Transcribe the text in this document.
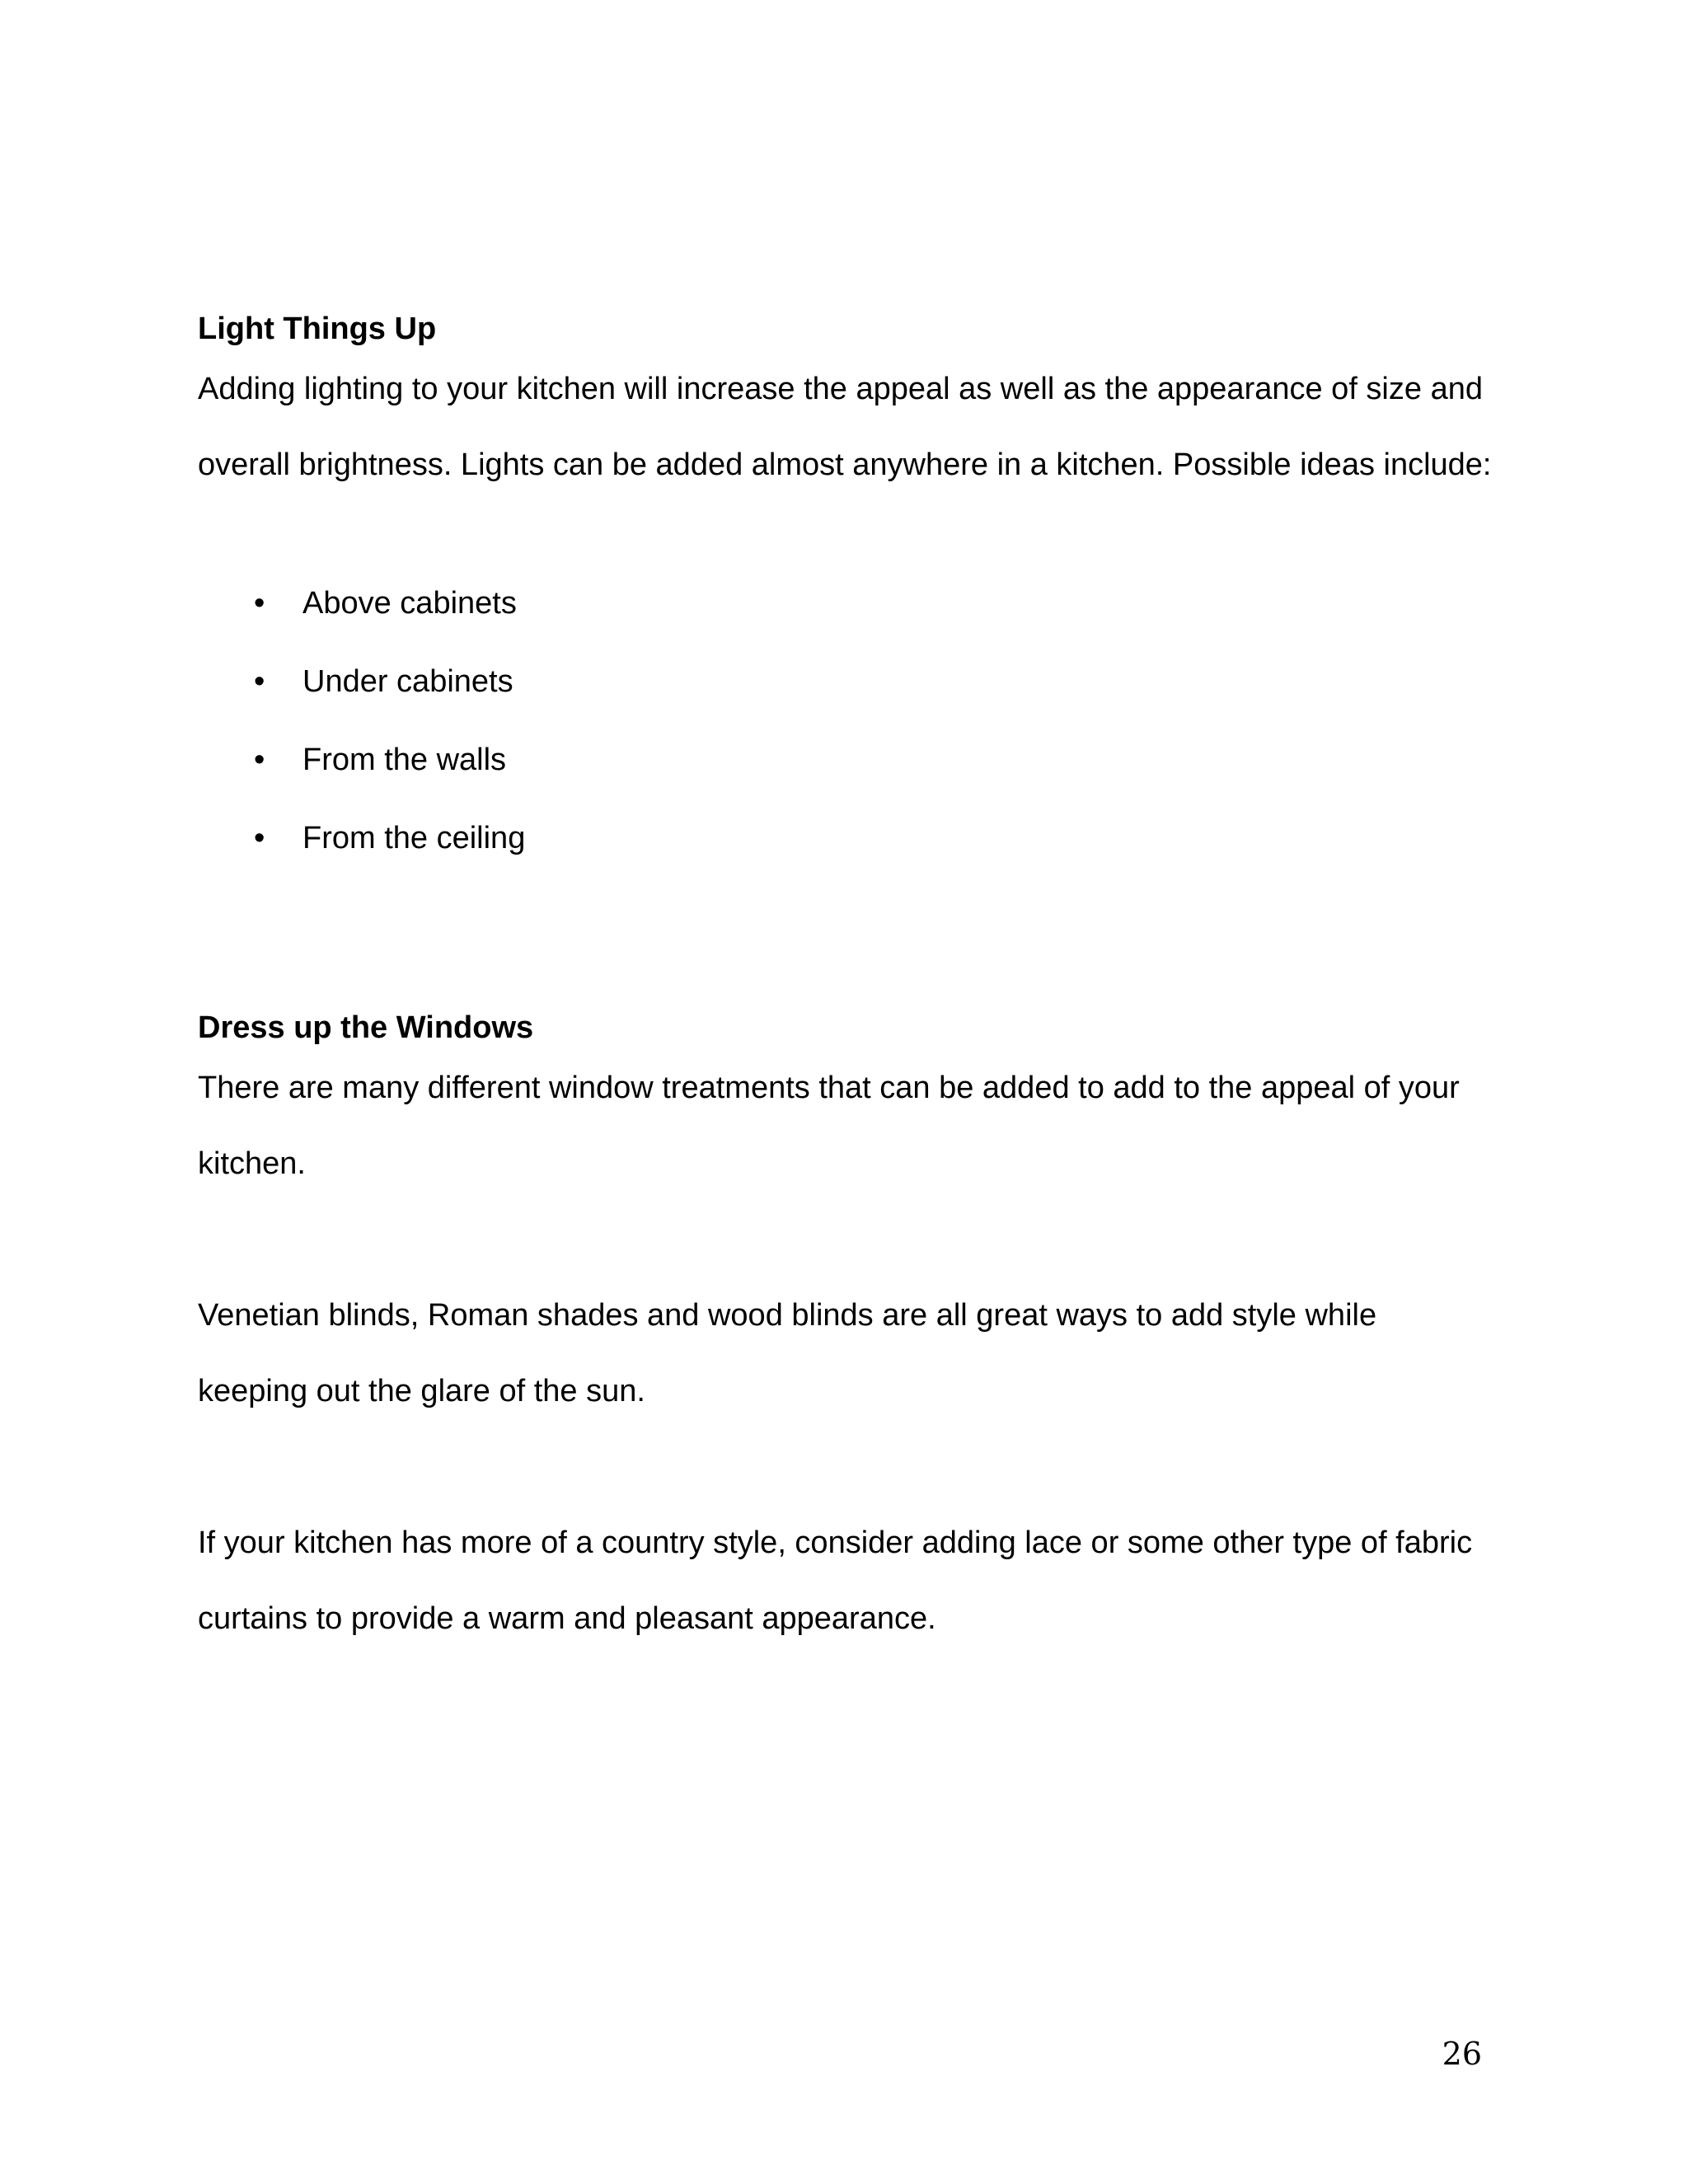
Light Things Up

Adding lighting to your kitchen will increase the appeal as well as the appearance of size and overall brightness. Lights can be added almost anywhere in a kitchen. Possible ideas include:

• Above cabinets
• Under cabinets
• From the walls
• From the ceiling
Dress up the Windows

There are many different window treatments that can be added to add to the appeal of your kitchen.

Venetian blinds, Roman shades and wood blinds are all great ways to add style while keeping out the glare of the sun.

If your kitchen has more of a country style, consider adding lace or some other type of fabric curtains to provide a warm and pleasant appearance.

26
